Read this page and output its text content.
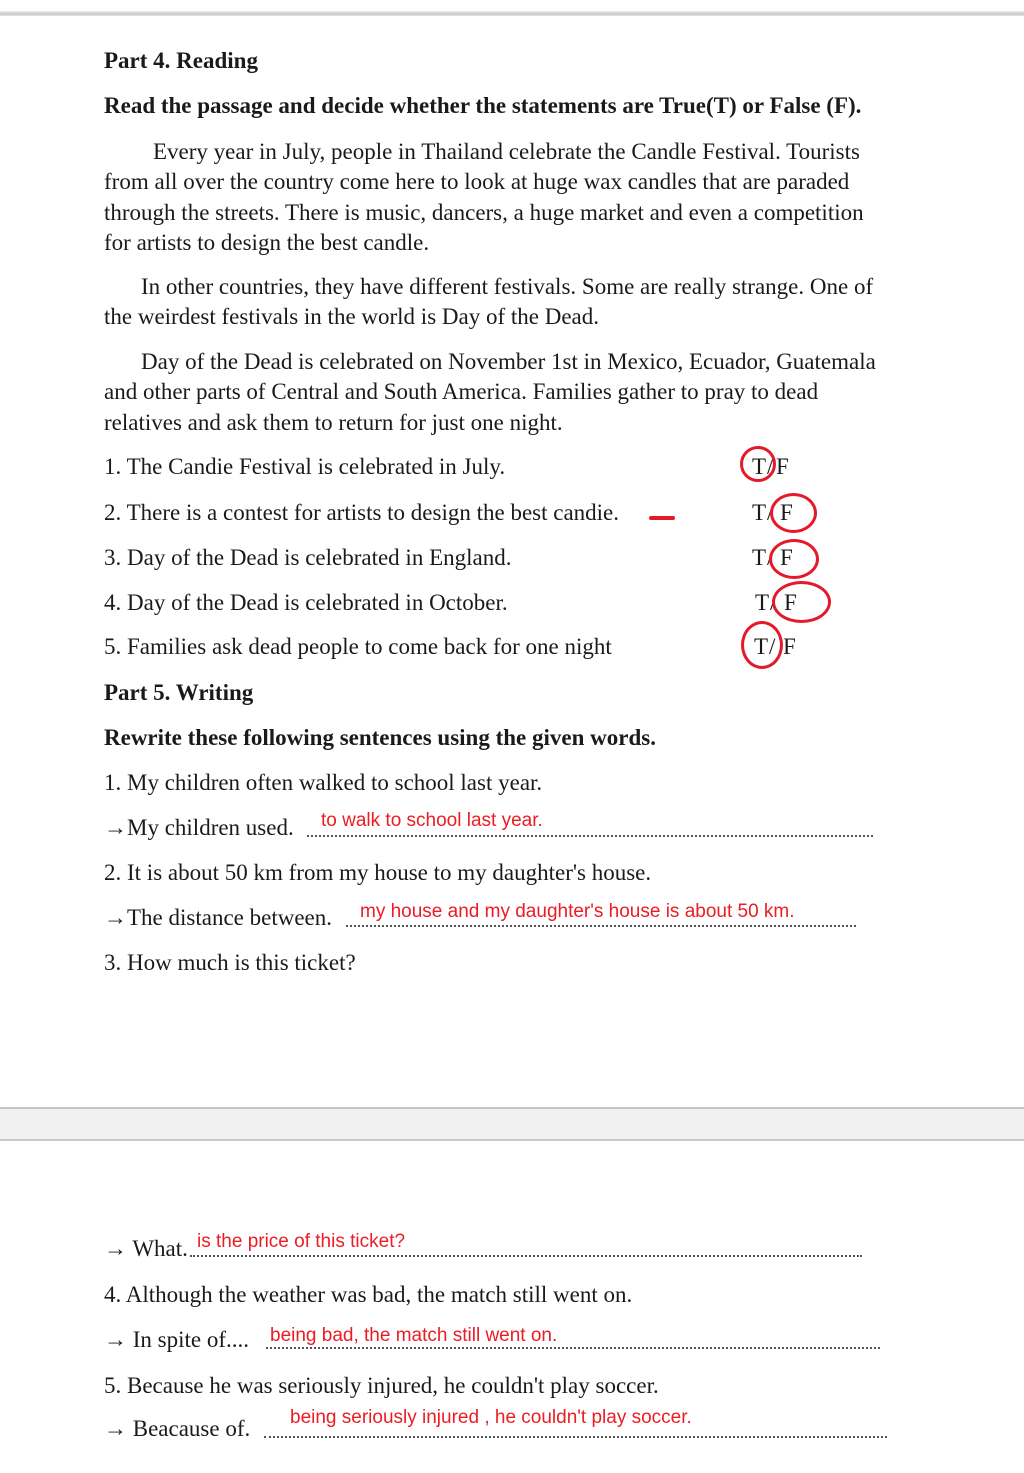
Part 4. Reading
Read the passage and decide whether the statements are True(T) or False (F).

Every year in July, people in Thailand celebrate the Candle Festival. Tourists

from all over the country come here to look at huge wax candles that are paraded

through the streets. There is music, dancers, a huge market and even a competition

for artists to design the best candle.

In other countries, they have different festivals. Some are really strange. One of

the weirdest festivals in the world is Day of the Dead.

Day of the Dead is celebrated on November 1st in Mexico, Ecuador, Guatemala

and other parts of Central and South America. Families gather to pray to dead

relatives and ask them to return for just one night.

1. The Candie Festival is celebrated in July.
2. There is a contest for artists to design the best candie.
3. Day of the Dead is celebrated in England.
4. Day of the Dead is celebrated in October.
5. Families ask dead people to come back for one night
T / F
T / F
T / F
T / F
T / F
Part 5. Writing
Rewrite these following sentences using the given words.
1. My children often walked to school last year.
→My children used. to walk to school last year.
2. It is about 50 km from my house to my daughter's house.
→The distance between. my house and my daughter's house is about 50 km.
3. How much is this ticket?
→ What. is the price of this ticket?
4. Although the weather was bad, the match still went on.
→ In spite of.... being bad, the match still went on.
5. Because he was seriously injured, he couldn't play soccer.
→ Beacause of. being seriously injured , he couldn't play soccer.
